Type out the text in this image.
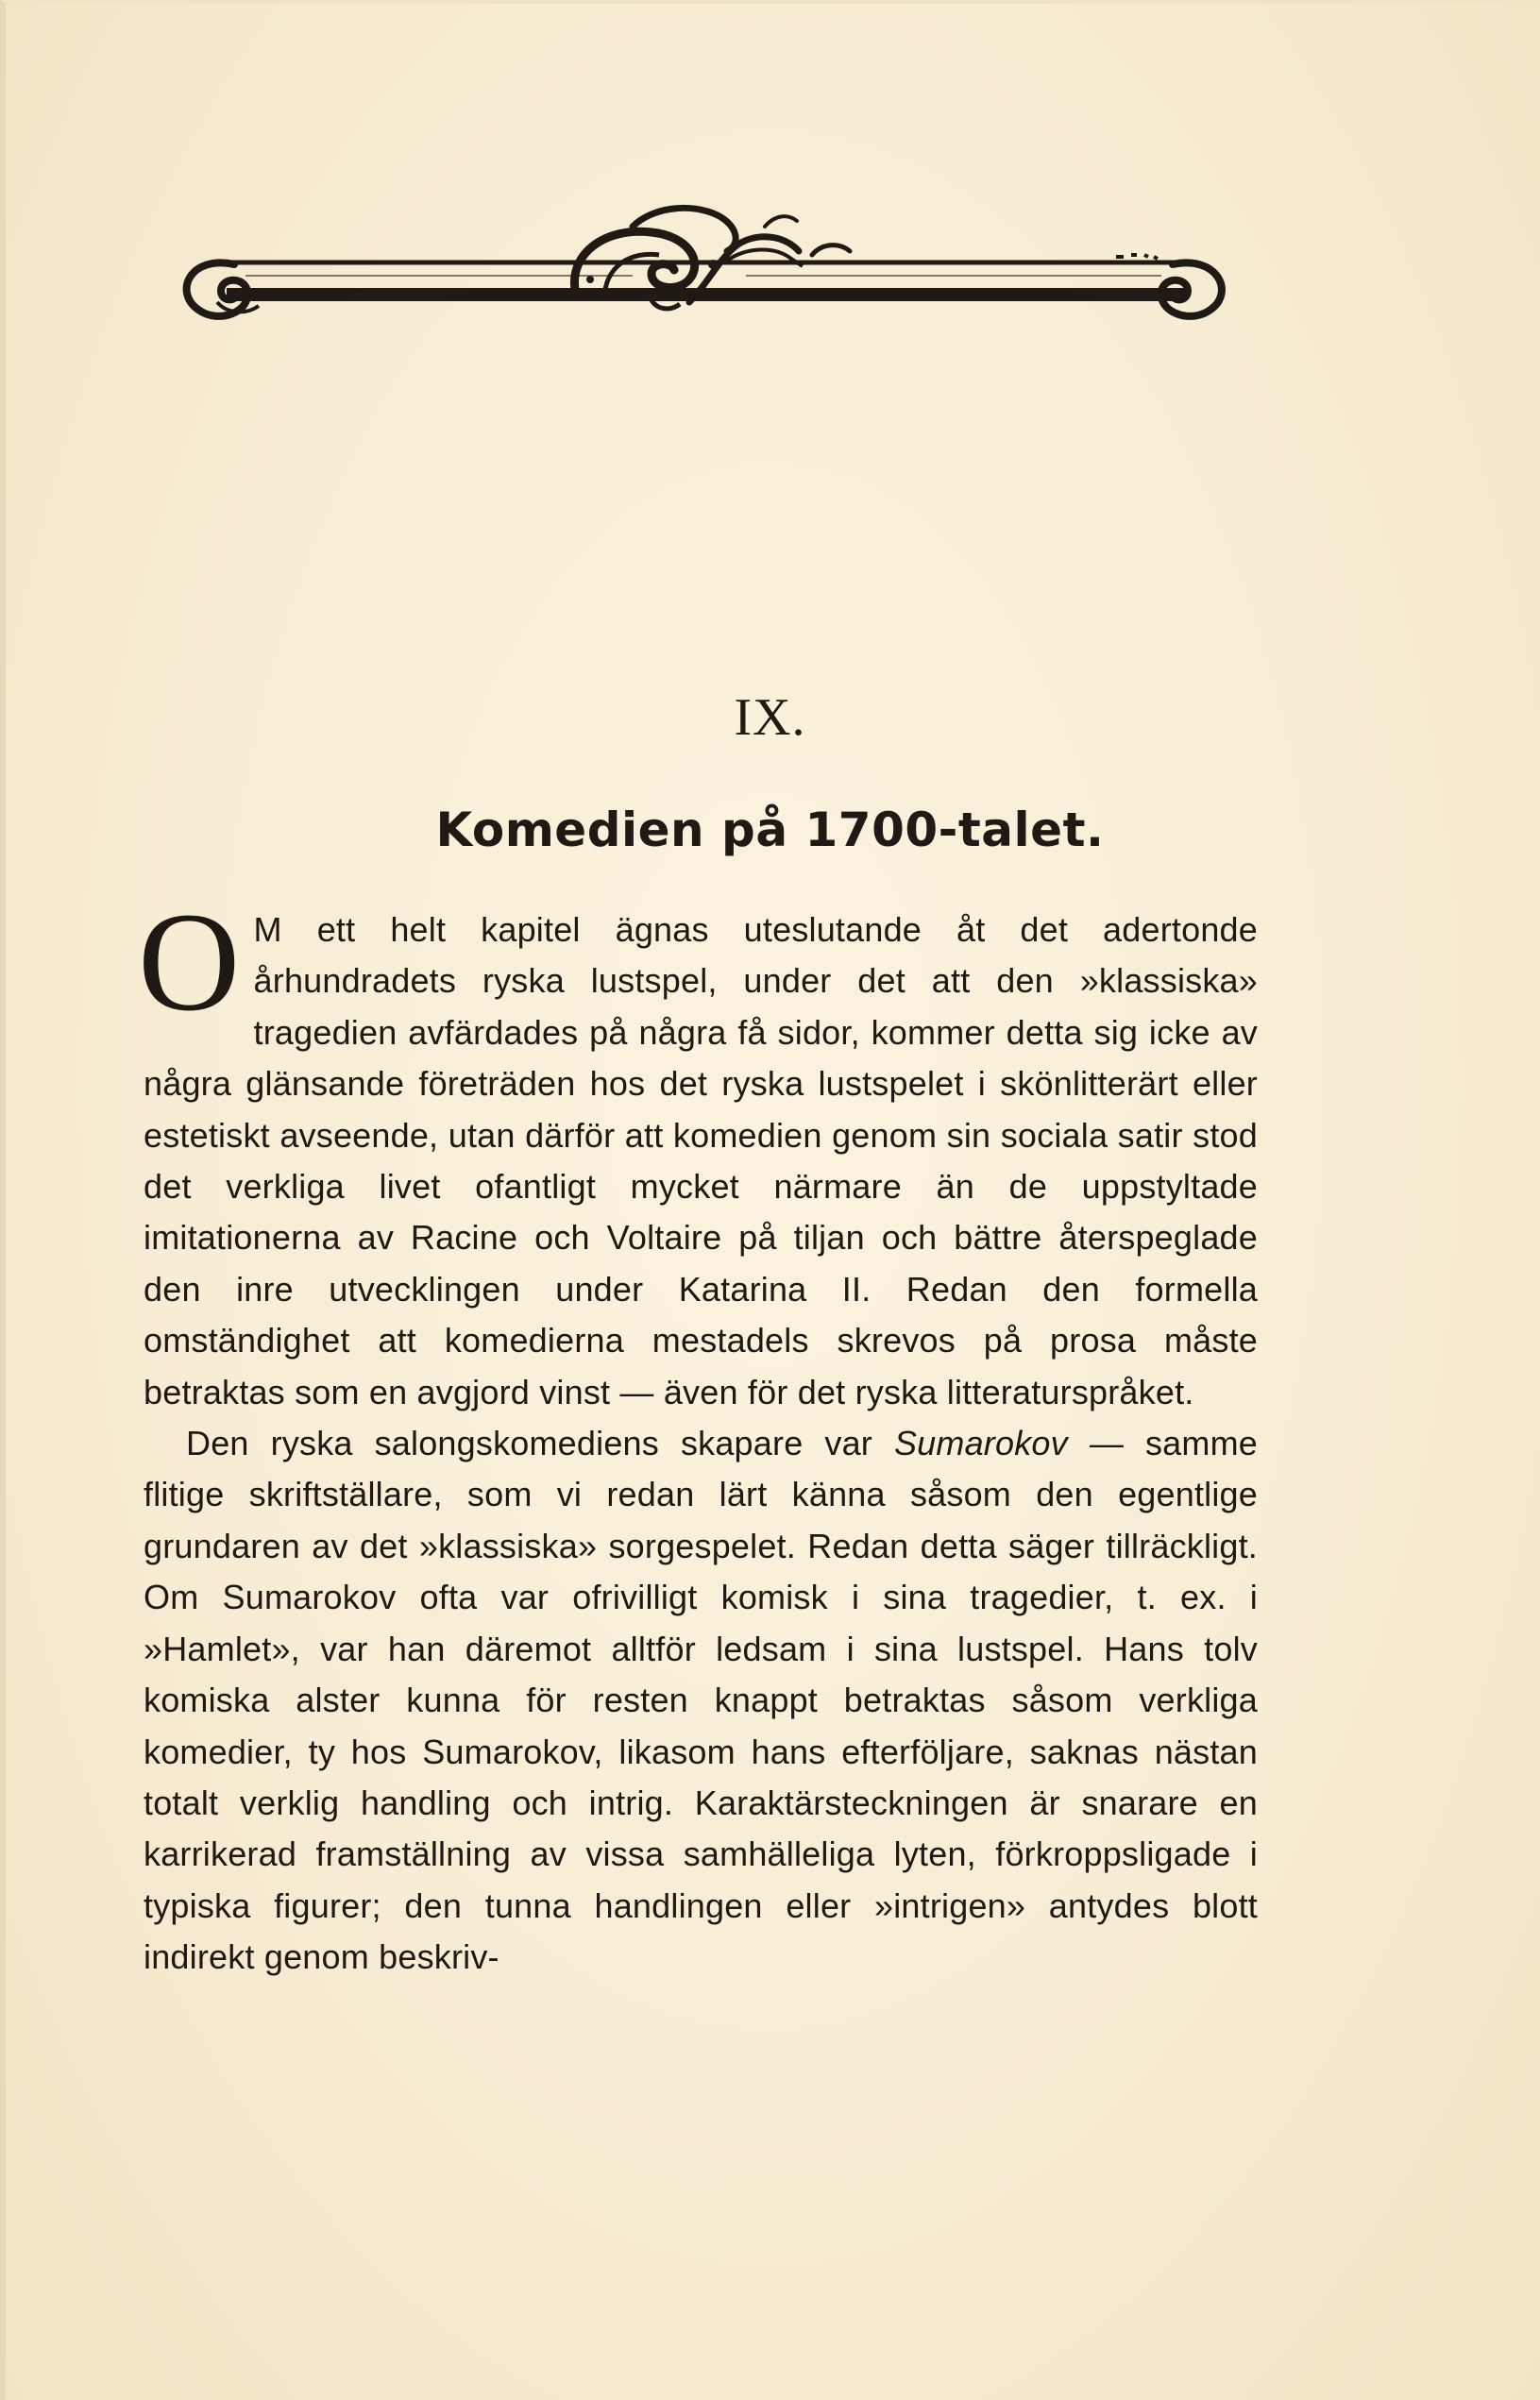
IX.
Komedien på 1700-talet.

O M ett helt kapitel ägnas uteslutande åt det adertonde århundradets ryska lustspel, under det att den »klassiska» tragedien avfärdades på några få sidor, kommer detta sig icke av några glänsande företräden hos det ryska lustspelet i skönlitterärt eller estetiskt avseende, utan därför att komedien genom sin sociala satir stod det verkliga livet ofantligt mycket närmare än de uppstyltade imitationerna av Racine och Voltaire på tiljan och bättre återspeglade den inre utvecklingen under Katarina II. Redan den formella omständighet att komedierna mestadels skrevos på prosa måste betraktas som en avgjord vinst — även för det ryska litteraturspråket.

Den ryska salongskomediens skapare var Sumarokov — samme flitige skriftställare, som vi redan lärt känna såsom den egentlige grundaren av det »klassiska» sorgespelet. Redan detta säger tillräckligt. Om Sumarokov ofta var ofrivilligt komisk i sina tragedier, t. ex. i »Hamlet», var han däremot alltför ledsam i sina lustspel. Hans tolv komiska alster kunna för resten knappt betraktas såsom verkliga komedier, ty hos Sumarokov, likasom hans efterföljare, saknas nästan totalt verklig handling och intrig. Karaktärsteckningen är snarare en karrikerad framställning av vissa samhälleliga lyten, förkroppsligade i typiska figurer; den tunna handlingen eller »intrigen» antydes blott indirekt genom beskriv-
